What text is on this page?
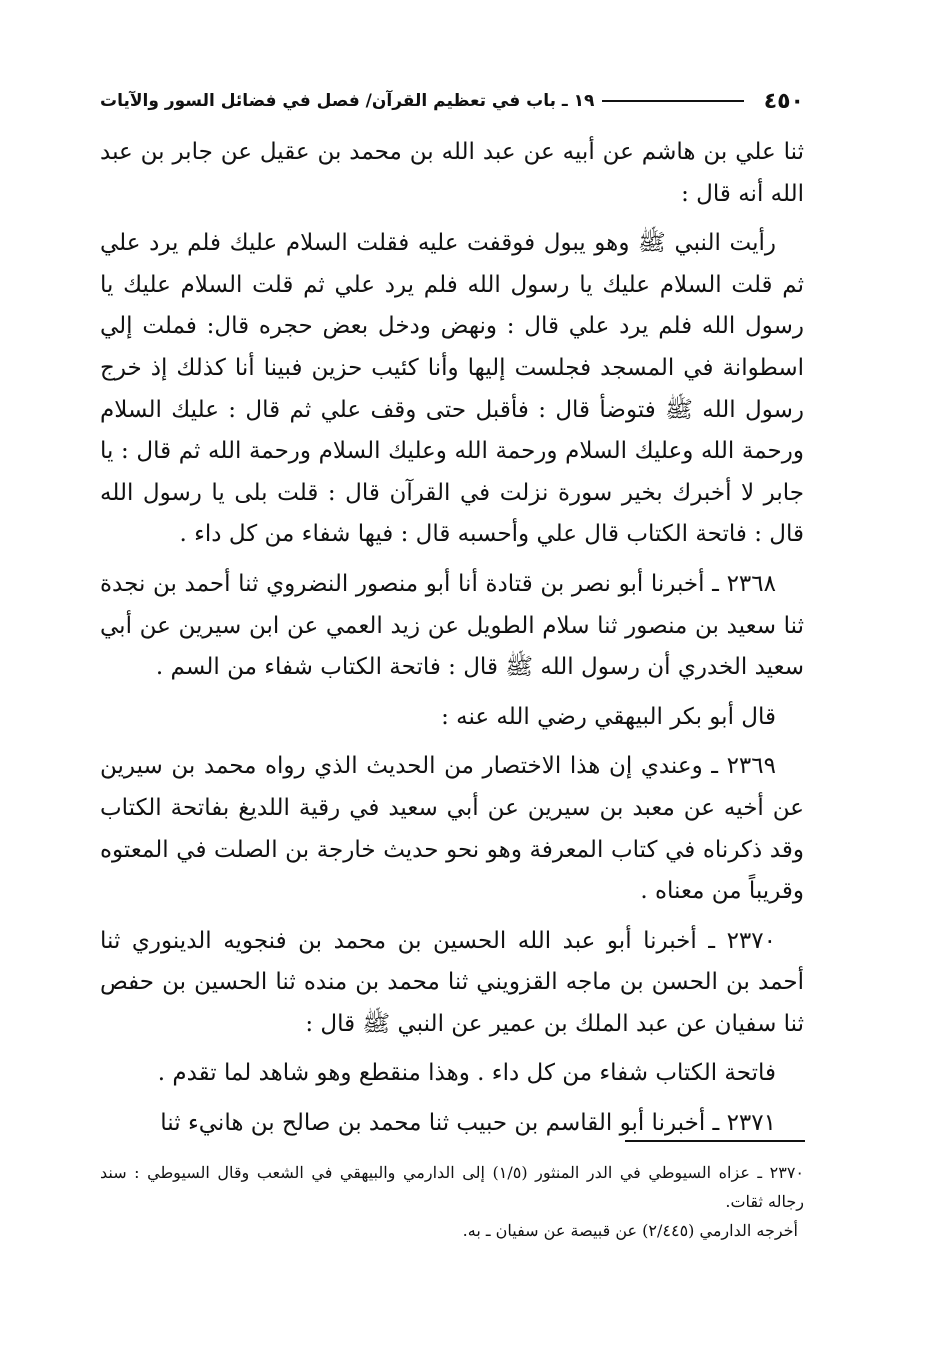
٤٥٠
١٩ ـ باب في تعظيم القرآن/ فصل في فضائل السور والآيات

ثنا علي بن هاشم عن أبيه عن عبد الله بن محمد بن عقيل عن جابر بن عبد الله أنه قال :

رأيت النبي ﷺ وهو يبول فوقفت عليه فقلت السلام عليك فلم يرد علي ثم قلت السلام عليك يا رسول الله فلم يرد علي ثم قلت السلام عليك يا رسول الله فلم يرد علي قال : ونهض ودخل بعض حجره قال: فملت إلي اسطوانة في المسجد فجلست إليها وأنا كئيب حزين فبينا أنا كذلك إذ خرج رسول الله ﷺ فتوضأ قال : فأقبل حتى وقف علي ثم قال : عليك السلام ورحمة الله وعليك السلام ورحمة الله وعليك السلام ورحمة الله ثم قال : يا جابر لا أخبرك بخير سورة نزلت في القرآن قال : قلت بلى يا رسول الله قال : فاتحة الكتاب قال علي وأحسبه قال : فيها شفاء من كل داء .

٢٣٦٨ ـ أخبرنا أبو نصر بن قتادة أنا أبو منصور النضروي ثنا أحمد بن نجدة ثنا سعيد بن منصور ثنا سلام الطويل عن زيد العمي عن ابن سيرين عن أبي سعيد الخدري أن رسول الله ﷺ قال : فاتحة الكتاب شفاء من السم .

قال أبو بكر البيهقي رضي الله عنه :

٢٣٦٩ ـ وعندي إن هذا الاختصار من الحديث الذي رواه محمد بن سيرين عن أخيه عن معبد بن سيرين عن أبي سعيد في رقية اللديغ بفاتحة الكتاب وقد ذكرناه في كتاب المعرفة وهو نحو حديث خارجة بن الصلت في المعتوه وقريباً من معناه .

٢٣٧٠ ـ أخبرنا أبو عبد الله الحسين بن محمد بن فنجويه الدينوري ثنا أحمد بن الحسن بن ماجه القزويني ثنا محمد بن منده ثنا الحسين بن حفص ثنا سفيان عن عبد الملك بن عمير عن النبي ﷺ قال :

فاتحة الكتاب شفاء من كل داء . وهذا منقطع وهو شاهد لما تقدم .

٢٣٧١ ـ أخبرنا أبو القاسم بن حبيب ثنا محمد بن صالح بن هانيء ثنا

٢٣٧٠ ـ عزاه السيوطي في الدر المنثور (١/٥) إلى الدارمي والبيهقي في الشعب وقال السيوطي : سند رجاله ثقات.

أخرجه الدارمي (٢/٤٤٥) عن قبيصة عن سفيان ـ به.
